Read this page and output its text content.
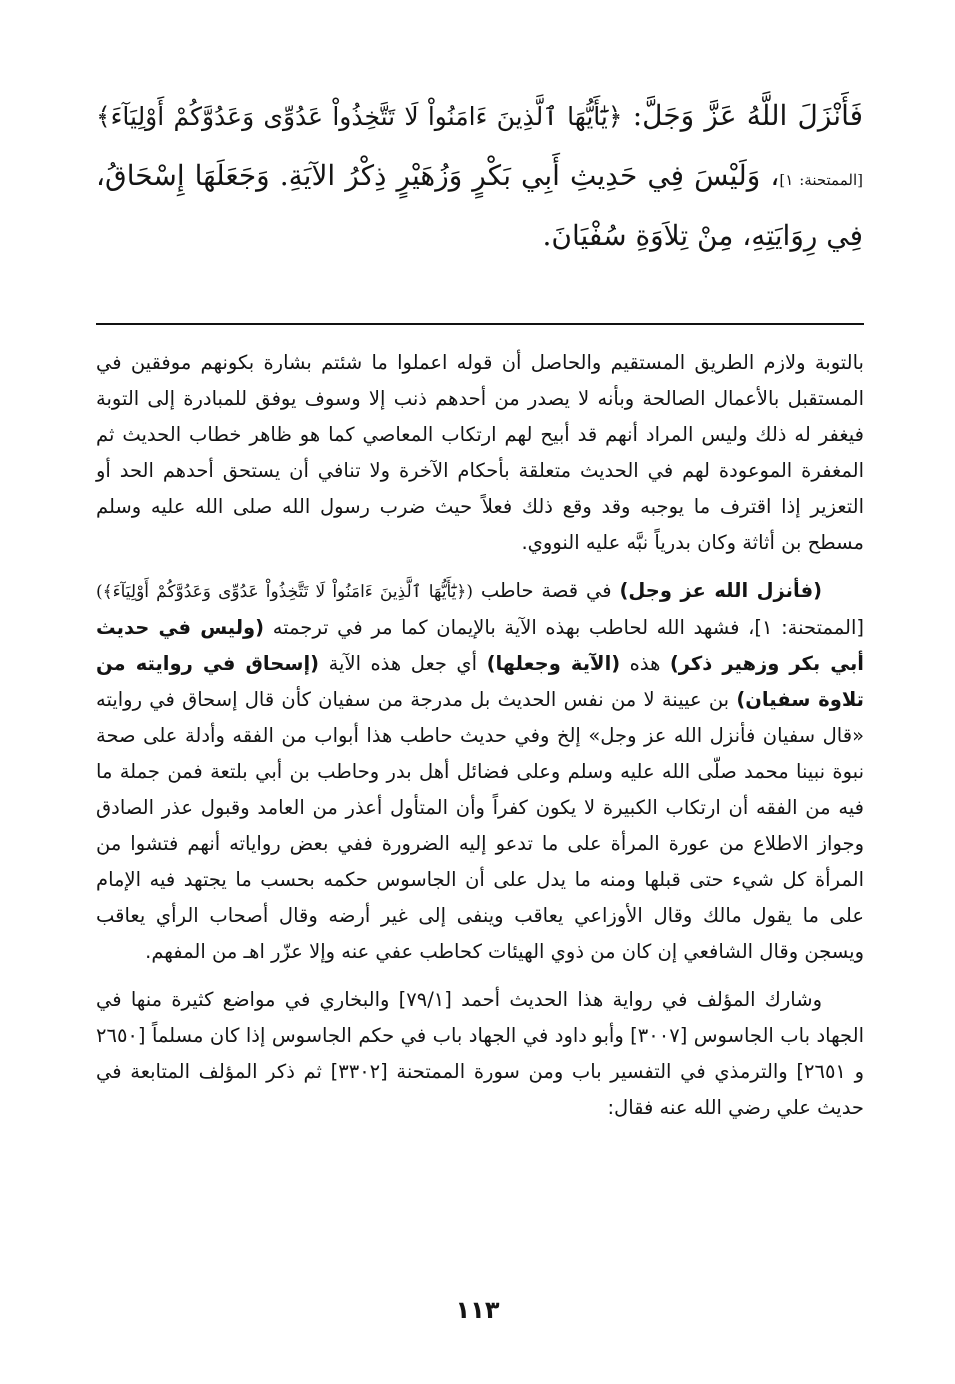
فَأَنْزَلَ اللَّهُ عَزَّ وَجَلَّ: ﴿يَٰٓأَيُّهَا ٱلَّذِينَ ءَامَنُواْ لَا تَتَّخِذُواْ عَدُوِّى وَعَدُوَّكُمْ أَوْلِيَآءَ﴾ [الممتحنة: ١]، وَلَيْسَ فِي حَدِيثِ أَبِي بَكْرٍ وَزُهَيْرٍ ذِكْرُ الآيَةِ. وَجَعَلَهَا إِسْحَاقُ، فِي رِوَايَتِهِ، مِنْ تِلاَوَةِ سُفْيَانَ.

بالتوبة ولازم الطريق المستقيم والحاصل أن قوله اعملوا ما شئتم بشارة بكونهم موفقين في المستقبل بالأعمال الصالحة وبأنه لا يصدر من أحدهم ذنب إلا وسوف يوفق للمبادرة إلى التوبة فيغفر له ذلك وليس المراد أنهم قد أبيح لهم ارتكاب المعاصي كما هو ظاهر خطاب الحديث ثم المغفرة الموعودة لهم في الحديث متعلقة بأحكام الآخرة ولا تنافي أن يستحق أحدهم الحد أو التعزير إذا اقترف ما يوجبه وقد وقع ذلك فعلاً حيث ضرب رسول الله صلى الله عليه وسلم مسطح بن أثاثة وكان بدرياً نبَّه عليه النووي.

(فأنزل الله عز وجل) في قصة حاطب (﴿يَٰٓأَيُّهَا ٱلَّذِينَ ءَامَنُواْ لَا تَتَّخِذُواْ عَدُوِّى وَعَدُوَّكُمْ أَوْلِيَآءَ﴾) [الممتحنة: ١]، فشهد الله لحاطب بهذه الآية بالإيمان كما مر في ترجمته (وليس في حديث أبي بكر وزهير ذكر) هذه (الآية وجعلها) أي جعل هذه الآية (إسحاق في روايته من تلاوة سفيان) بن عيينة لا من نفس الحديث بل مدرجة من سفيان كأن قال إسحاق في روايته «قال سفيان فأنزل الله عز وجل» إلخ وفي حديث حاطب هذا أبواب من الفقه وأدلة على صحة نبوة نبينا محمد صلّى الله عليه وسلم وعلى فضائل أهل بدر وحاطب بن أبي بلتعة فمن جملة ما فيه من الفقه أن ارتكاب الكبيرة لا يكون كفراً وأن المتأول أعذر من العامد وقبول عذر الصادق وجواز الاطلاع من عورة المرأة على ما تدعو إليه الضرورة ففي بعض رواياته أنهم فتشوا من المرأة كل شيء حتى قبلها ومنه ما يدل على أن الجاسوس حكمه بحسب ما يجتهد فيه الإمام على ما يقول مالك وقال الأوزاعي يعاقب وينفى إلى غير أرضه وقال أصحاب الرأي يعاقب ويسجن وقال الشافعي إن كان من ذوي الهيئات كحاطب عفي عنه وإلا عزّر اهـ من المفهم.

وشارك المؤلف في رواية هذا الحديث أحمد [٧٩/١] والبخاري في مواضع كثيرة منها في الجهاد باب الجاسوس [٣٠٠٧] وأبو داود في الجهاد باب في حكم الجاسوس إذا كان مسلماً [٢٦٥٠ و ٢٦٥١] والترمذي في التفسير باب ومن سورة الممتحنة [٣٣٠٢] ثم ذكر المؤلف المتابعة في حديث علي رضي الله عنه فقال:

١١٣
